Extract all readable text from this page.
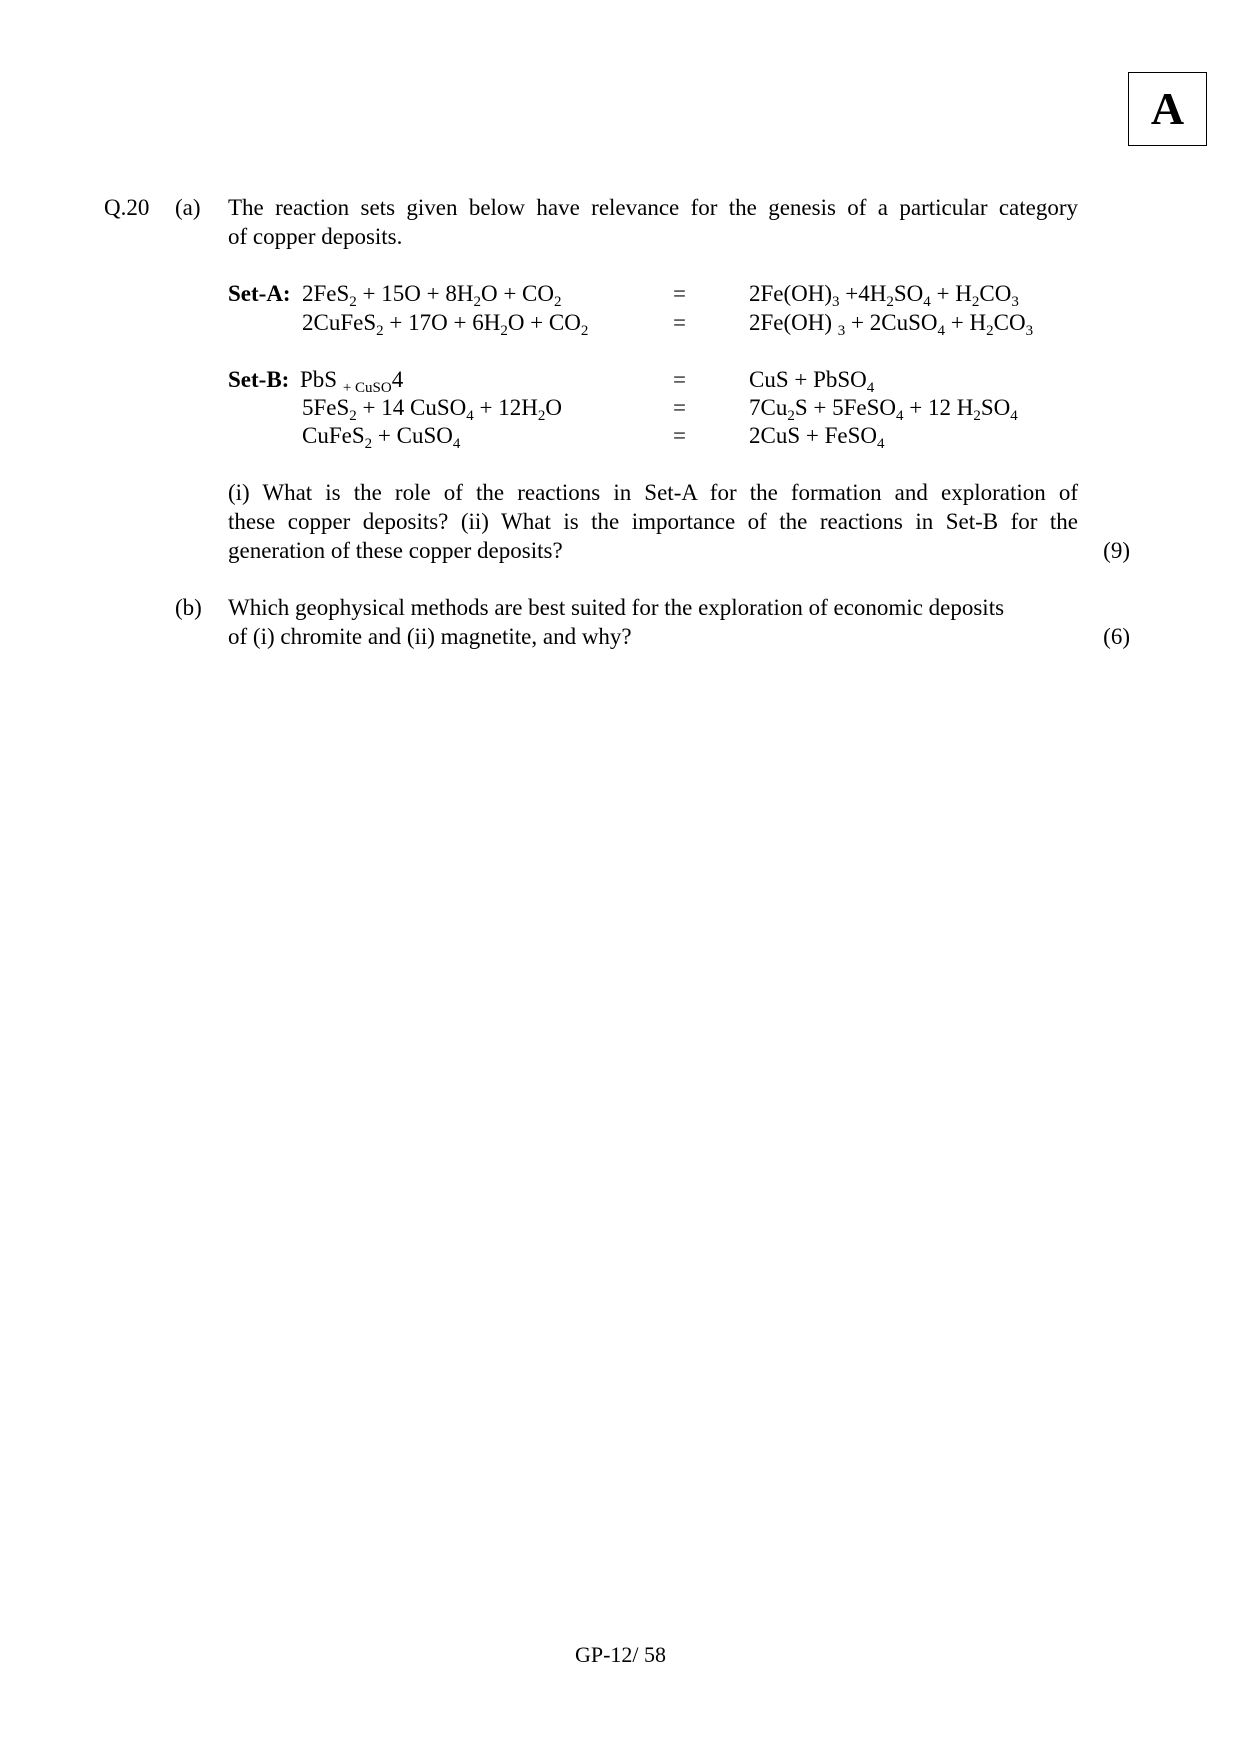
A
Q.20 (a) The reaction sets given below have relevance for the genesis of a particular category
of copper deposits.
Set-A: $2FeS_2 + 15O + 8H_2O + CO_2$	=	$2Fe(OH)_3 +4H_2SO_4 + H_2CO_3$
2CuFeS$_2$ + $17O + 6H_2O + CO_2$	=	2Fe(OH) $_3$ + 2CuSO$_4$ + $H_2CO_3$
Set-B: PbS $_{+ CuSO}$4	=	CuS + PbSO$_4$
5FeS$_2$ + 14 CuSO$_4$ + $12H_2O$	=	$7Cu_2S$ + 5FeSO$_4$ + 12 $H_2SO_4$
CuFeS$_2$ + CuSO$_4$	=	2CuS + FeSO$_4$
(i) What is the role of the reactions in Set-A for the formation and exploration of
these copper deposits? (ii) What is the importance of the reactions in Set-B for the
generation of these copper deposits?	(9)
(b) Which geophysical methods are best suited for the exploration of economic deposits
of (i) chromite and (ii) magnetite, and why?	(6)
GP-12/ 58
